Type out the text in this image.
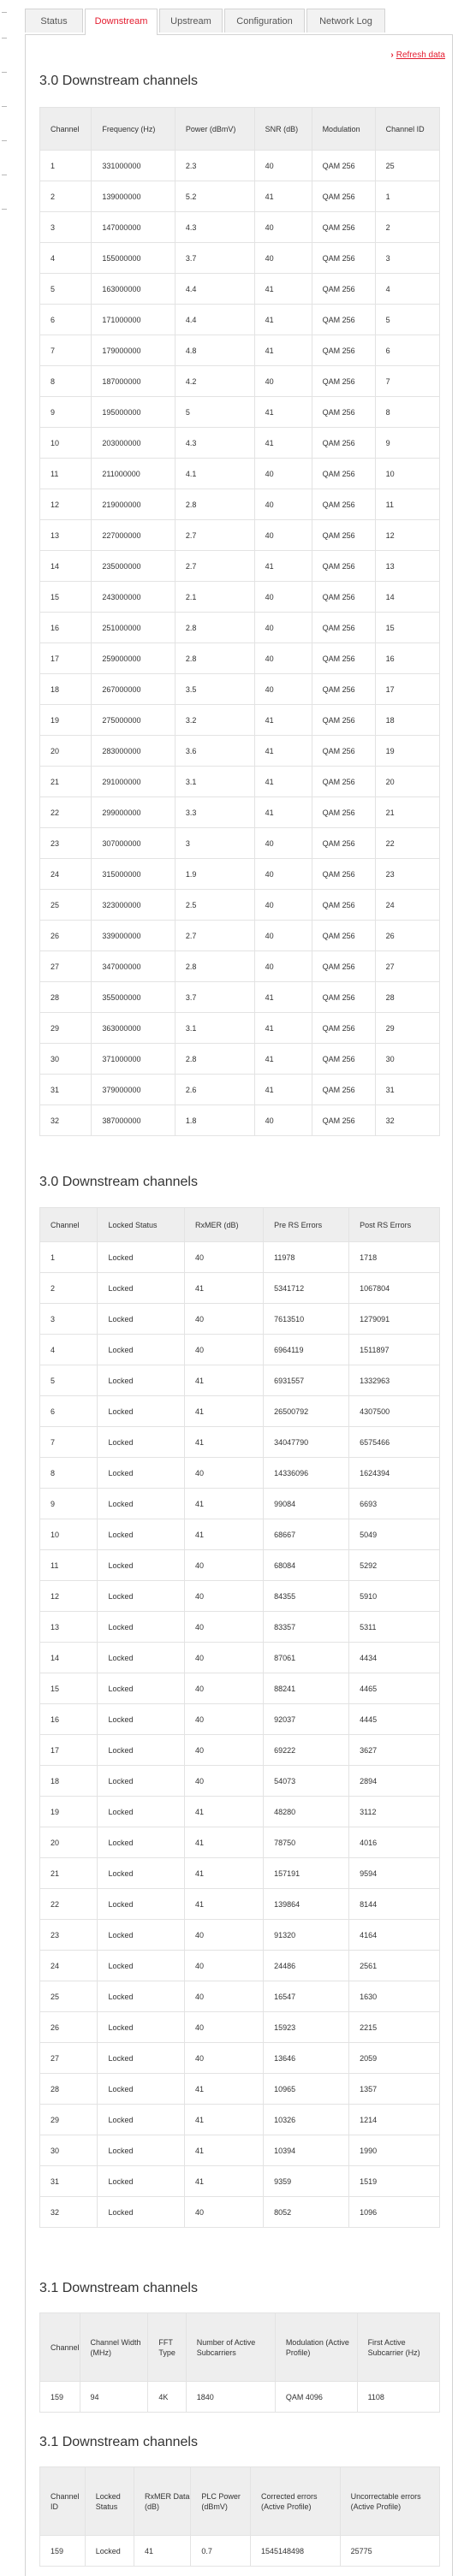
Status	Downstream	Upstream	Configuration	Network Log
› Refresh data
3.0 Downstream channels
Channel	Frequency (Hz)	Power (dBmV)	SNR (dB)	Modulation	Channel ID
1	331000000	2.3	40	QAM 256	25
2	139000000	5.2	41	QAM 256	1
3	147000000	4.3	40	QAM 256	2
4	155000000	3.7	40	QAM 256	3
5	163000000	4.4	41	QAM 256	4
6	171000000	4.4	41	QAM 256	5
7	179000000	4.8	41	QAM 256	6
8	187000000	4.2	40	QAM 256	7
9	195000000	5	41	QAM 256	8
10	203000000	4.3	41	QAM 256	9
11	211000000	4.1	40	QAM 256	10
12	219000000	2.8	40	QAM 256	11
13	227000000	2.7	40	QAM 256	12
14	235000000	2.7	41	QAM 256	13
15	243000000	2.1	40	QAM 256	14
16	251000000	2.8	40	QAM 256	15
17	259000000	2.8	40	QAM 256	16
18	267000000	3.5	40	QAM 256	17
19	275000000	3.2	41	QAM 256	18
20	283000000	3.6	41	QAM 256	19
21	291000000	3.1	41	QAM 256	20
22	299000000	3.3	41	QAM 256	21
23	307000000	3	40	QAM 256	22
24	315000000	1.9	40	QAM 256	23
25	323000000	2.5	40	QAM 256	24
26	339000000	2.7	40	QAM 256	26
27	347000000	2.8	40	QAM 256	27
28	355000000	3.7	41	QAM 256	28
29	363000000	3.1	41	QAM 256	29
30	371000000	2.8	41	QAM 256	30
31	379000000	2.6	41	QAM 256	31
32	387000000	1.8	40	QAM 256	32
3.0 Downstream channels
Channel	Locked Status	RxMER (dB)	Pre RS Errors	Post RS Errors
1	Locked	40	11978	1718
2	Locked	41	5341712	1067804
3	Locked	40	7613510	1279091
4	Locked	40	6964119	1511897
5	Locked	41	6931557	1332963
6	Locked	41	26500792	4307500
7	Locked	41	34047790	6575466
8	Locked	40	14336096	1624394
9	Locked	41	99084	6693
10	Locked	41	68667	5049
11	Locked	40	68084	5292
12	Locked	40	84355	5910
13	Locked	40	83357	5311
14	Locked	40	87061	4434
15	Locked	40	88241	4465
16	Locked	40	92037	4445
17	Locked	40	69222	3627
18	Locked	40	54073	2894
19	Locked	41	48280	3112
20	Locked	41	78750	4016
21	Locked	41	157191	9594
22	Locked	41	139864	8144
23	Locked	40	91320	4164
24	Locked	40	24486	2561
25	Locked	40	16547	1630
26	Locked	40	15923	2215
27	Locked	40	13646	2059
28	Locked	41	10965	1357
29	Locked	41	10326	1214
30	Locked	41	10394	1990
31	Locked	41	9359	1519
32	Locked	40	8052	1096
3.1 Downstream channels
Channel	Channel Width (MHz)	FFT Type	Number of Active Subcarriers	Modulation (Active Profile)	First Active Subcarrier (Hz)
159	94	4K	1840	QAM 4096	1108
3.1 Downstream channels
Channel ID	Locked Status	RxMER Data (dB)	PLC Power (dBmV)	Corrected errors (Active Profile)	Uncorrectable errors (Active Profile)
159	Locked	41	0.7	1545148498	25775
